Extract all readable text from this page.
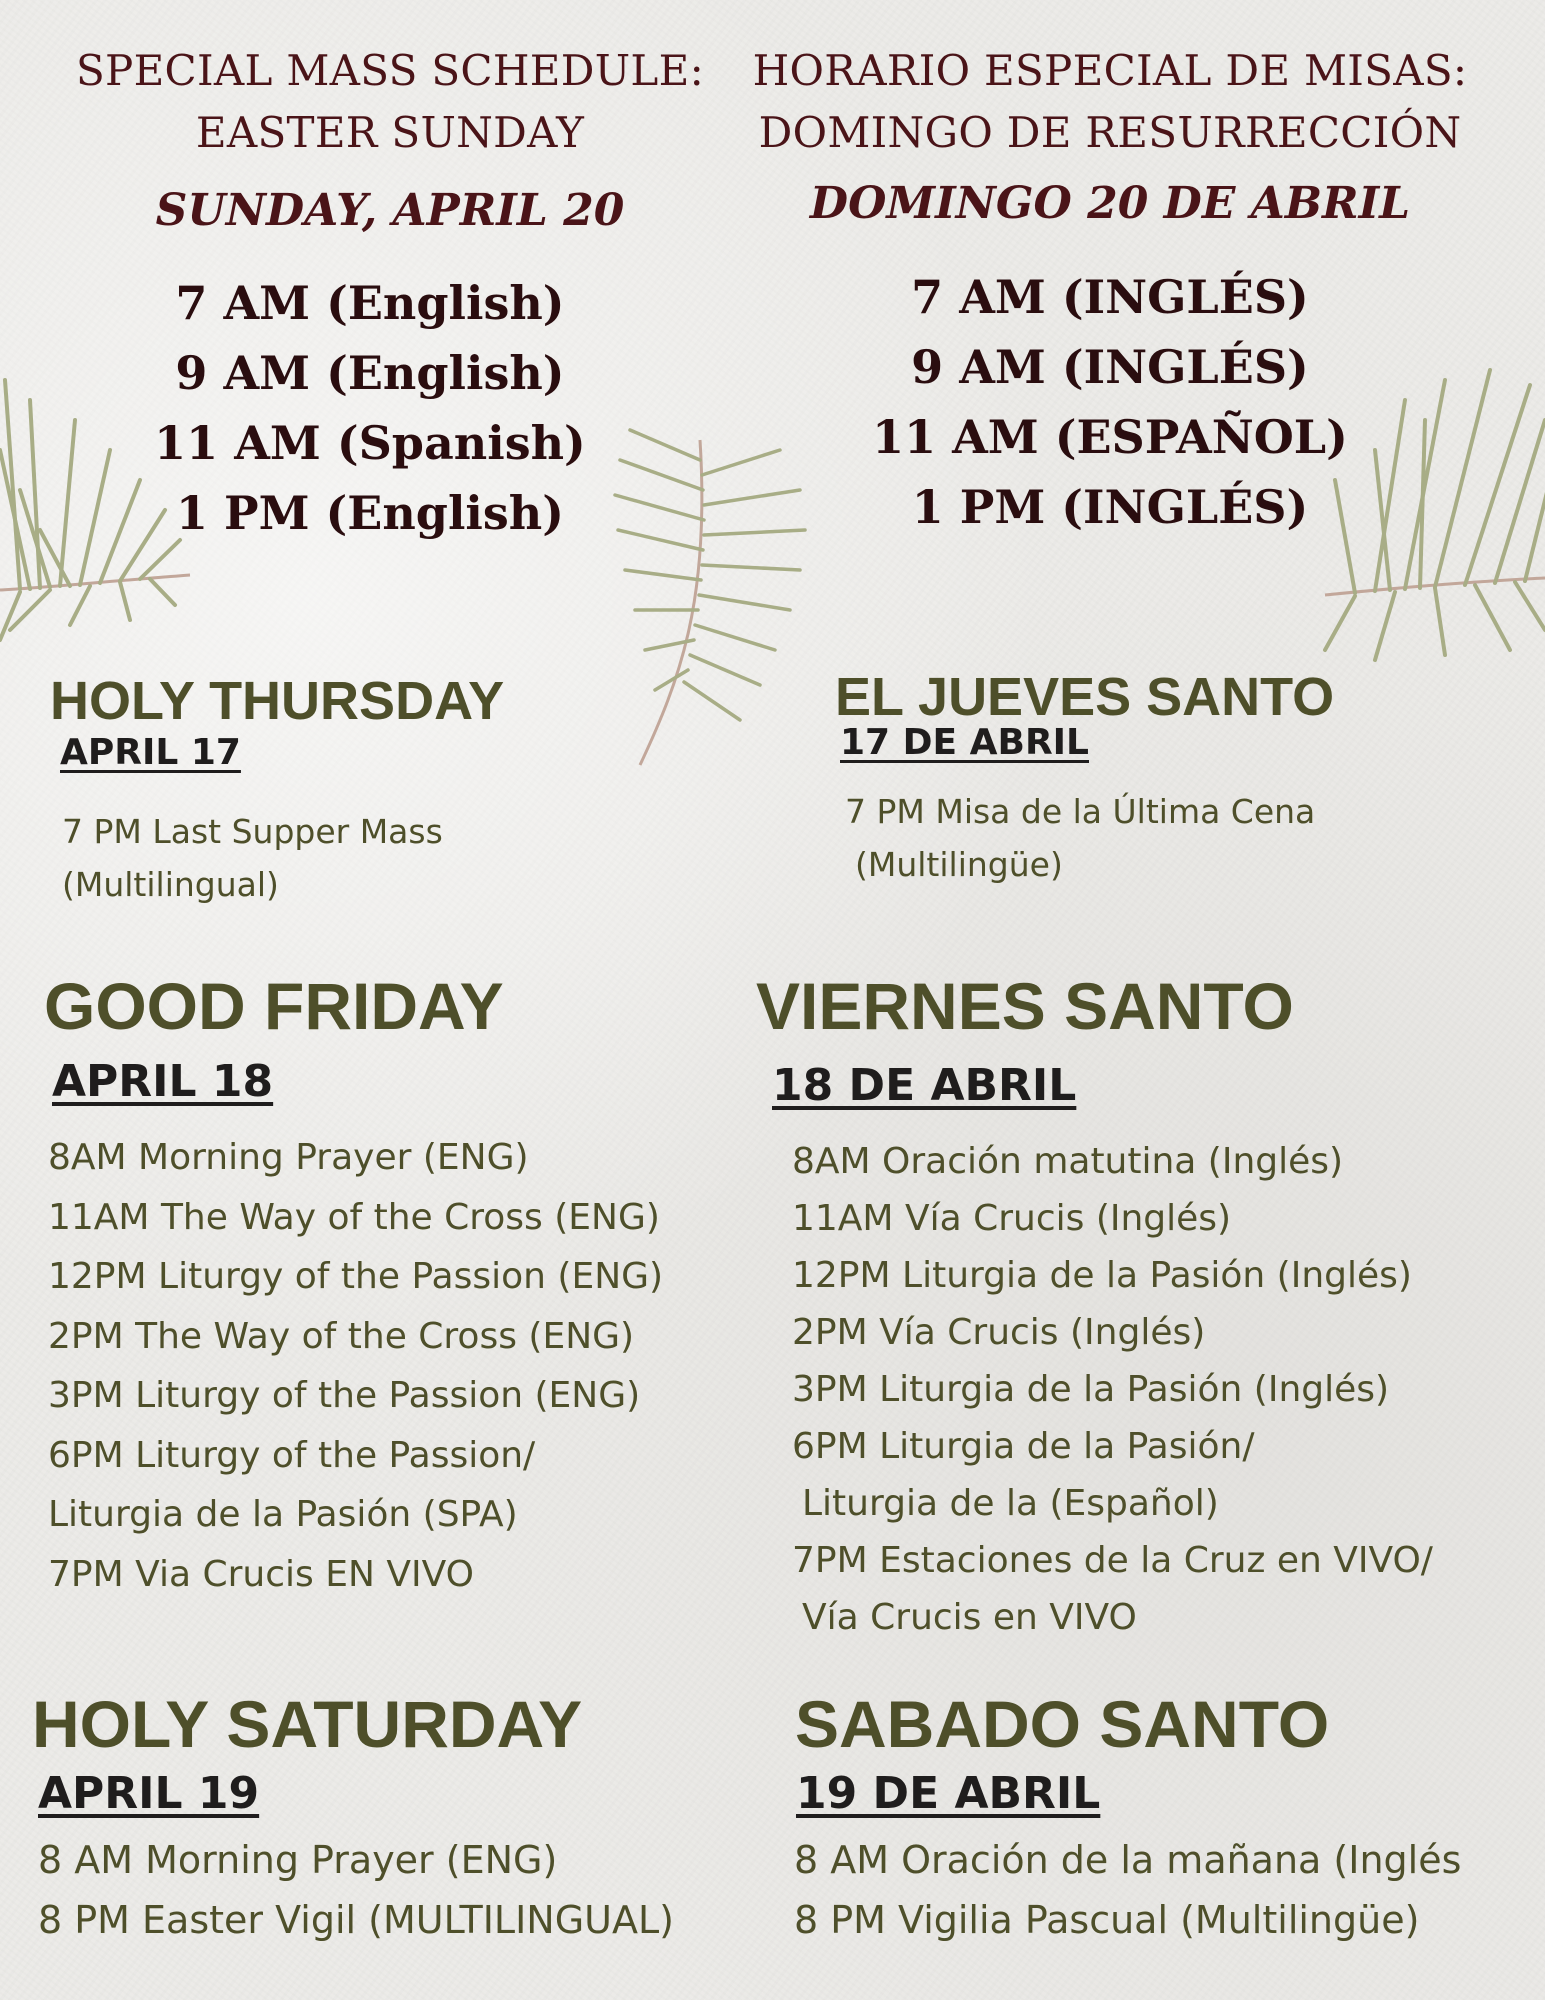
SPECIAL MASS SCHEDULE:
EASTER SUNDAY
SUNDAY, APRIL 20
7 AM (English)
9 AM (English)
11 AM (Spanish)
1 PM (English)
HORARIO ESPECIAL DE MISAS:
DOMINGO DE RESURRECCIÓN
DOMINGO 20 DE ABRIL
7 AM (INGLÉS)
9 AM (INGLÉS)
11 AM (ESPAÑOL)
1 PM (INGLÉS)
HOLY THURSDAY
APRIL 17
7 PM Last Supper Mass
(Multilingual)
EL JUEVES SANTO
17 DE ABRIL
7 PM Misa de la Última Cena
(Multilingüe)
GOOD FRIDAY
APRIL 18
8AM Morning Prayer (ENG)
11AM The Way of the Cross (ENG)
12PM Liturgy of the Passion (ENG)
2PM The Way of the Cross (ENG)
3PM Liturgy of the Passion (ENG)
6PM Liturgy of the Passion/
Liturgia de la Pasión (SPA)
7PM Via Crucis EN VIVO
VIERNES SANTO
18 DE ABRIL
8AM Oración matutina (Inglés)
11AM Vía Crucis (Inglés)
12PM Liturgia de la Pasión (Inglés)
2PM Vía Crucis (Inglés)
3PM Liturgia de la Pasión (Inglés)
6PM Liturgia de la Pasión/
Liturgia de la (Español)
7PM Estaciones de la Cruz en VIVO/
Vía Crucis en VIVO
HOLY SATURDAY
APRIL 19
8 AM Morning Prayer (ENG)
8 PM Easter Vigil (MULTILINGUAL)
SABADO SANTO
19 DE ABRIL
8 AM Oración de la mañana (Inglés
8 PM Vigilia Pascual (Multilingüe)
